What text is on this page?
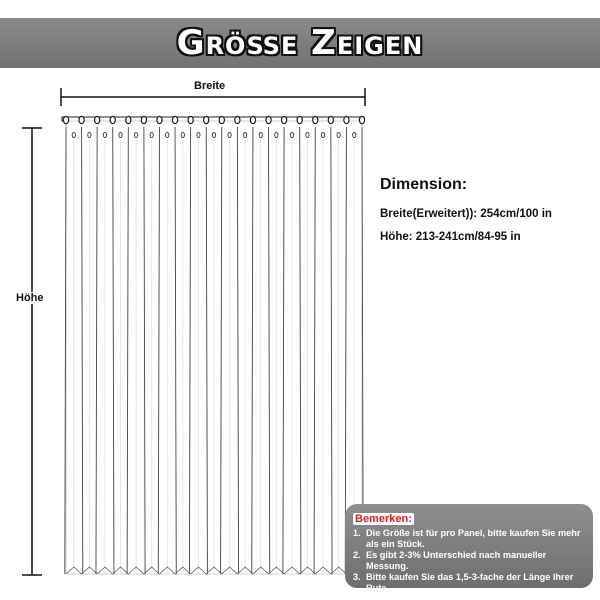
Größe Zeigen
Breite
Höhe
Dimension:
Breite(Erweitert)): 254cm/100 in
Höhe: 213-241cm/84-95 in
Bemerken:
1. Die Größe ist für pro Panel, bitte kaufen Sie mehr
als ein Stück.
2. Es gibt 2-3% Unterschied nach manueller
Messung.
3. Bitte kaufen Sie das 1,5-3-fache der Länge Ihrer
Rute.
